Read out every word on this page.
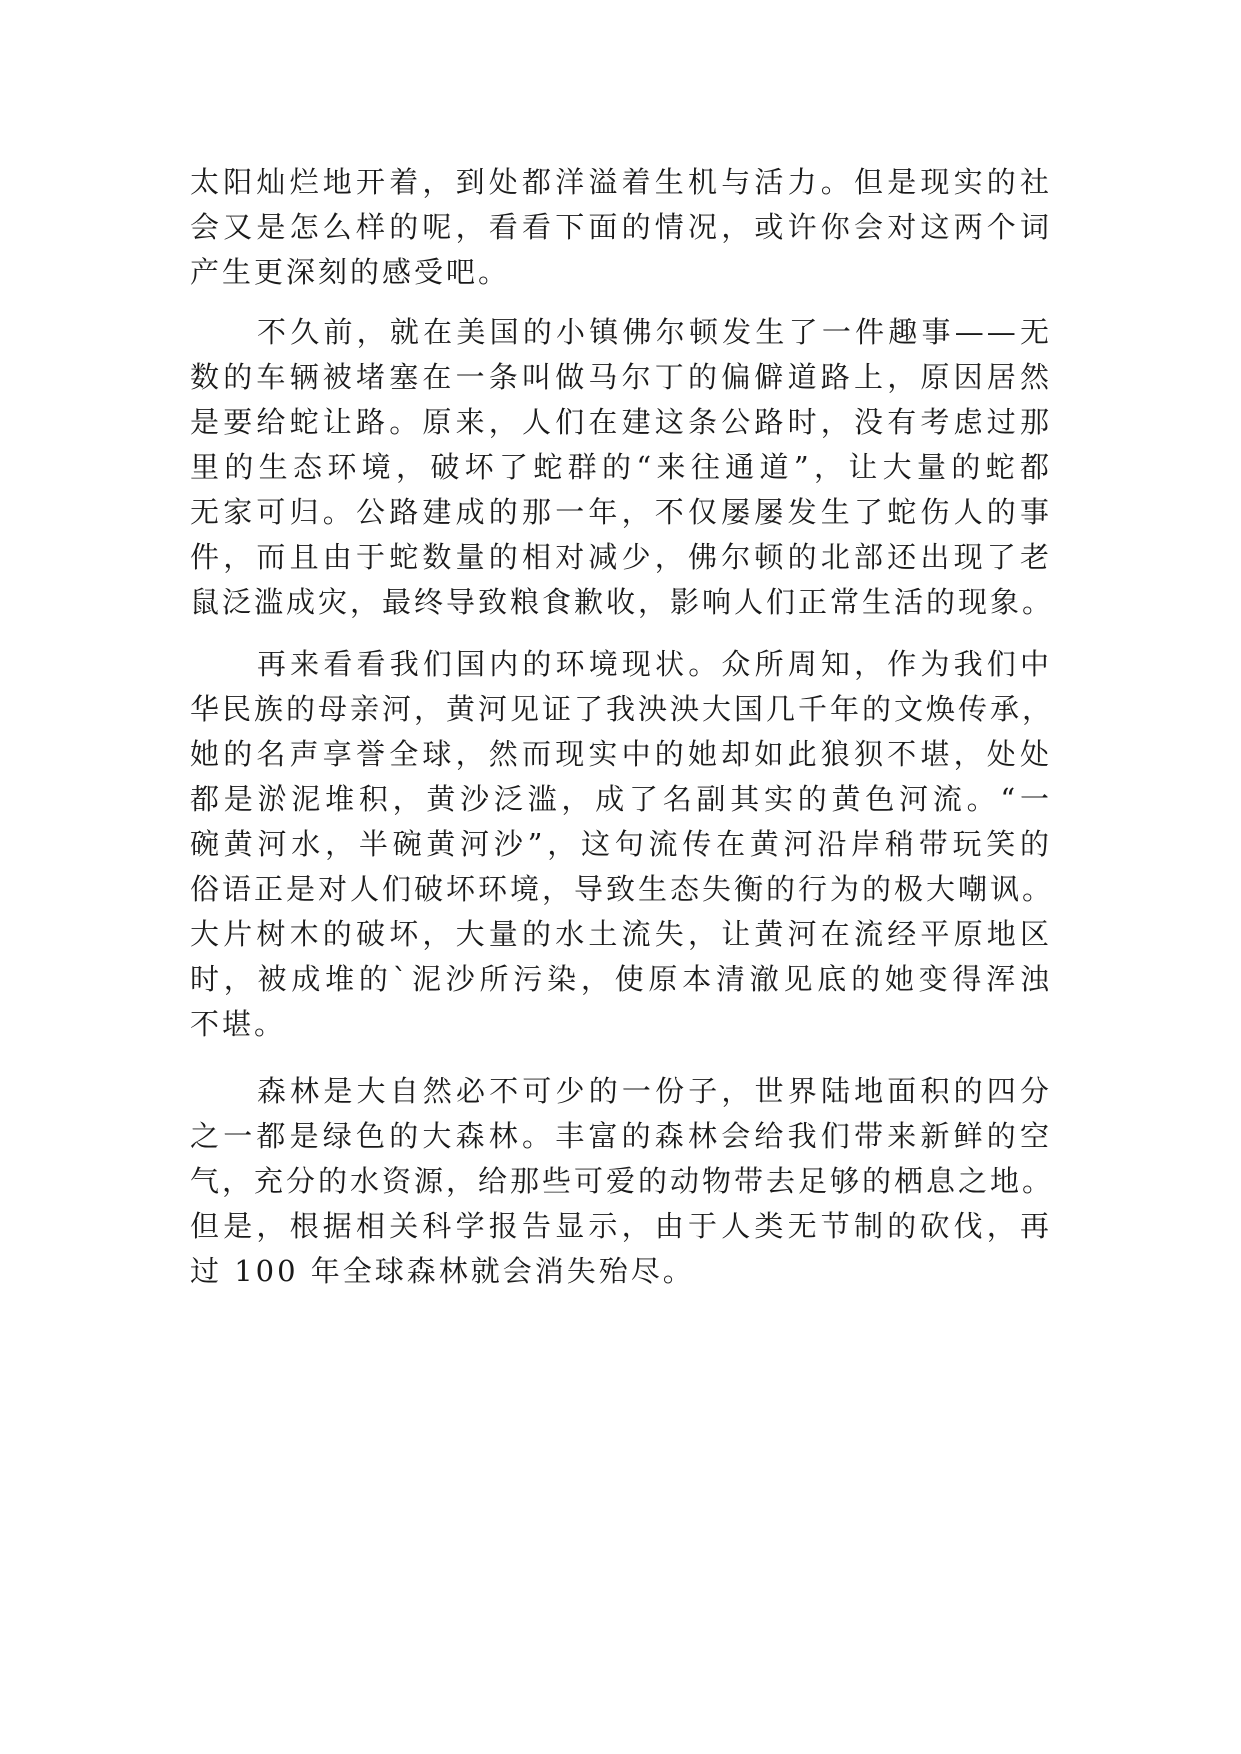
太阳灿烂地开着，到处都洋溢着生机与活力。但是现实的社
会又是怎么样的呢，看看下面的情况，或许你会对这两个词
产生更深刻的感受吧。
不久前，就在美国的小镇佛尔顿发生了一件趣事——无
数的车辆被堵塞在一条叫做马尔丁的偏僻道路上，原因居然
是要给蛇让路。原来，人们在建这条公路时，没有考虑过那
里的生态环境，破坏了蛇群的“来往通道”，让大量的蛇都
无家可归。公路建成的那一年，不仅屡屡发生了蛇伤人的事
件，而且由于蛇数量的相对减少，佛尔顿的北部还出现了老
鼠泛滥成灾，最终导致粮食歉收，影响人们正常生活的现象。
再来看看我们国内的环境现状。众所周知，作为我们中
华民族的母亲河，黄河见证了我泱泱大国几千年的文焕传承，
她的名声享誉全球，然而现实中的她却如此狼狈不堪，处处
都是淤泥堆积，黄沙泛滥，成了名副其实的黄色河流。“一
碗黄河水，半碗黄河沙”，这句流传在黄河沿岸稍带玩笑的
俗语正是对人们破坏环境，导致生态失衡的行为的极大嘲讽。
大片树木的破坏，大量的水土流失，让黄河在流经平原地区
时，被成堆的`泥沙所污染，使原本清澈见底的她变得浑浊
不堪。
森林是大自然必不可少的一份子，世界陆地面积的四分
之一都是绿色的大森林。丰富的森林会给我们带来新鲜的空
气，充分的水资源，给那些可爱的动物带去足够的栖息之地。
但是，根据相关科学报告显示，由于人类无节制的砍伐，再
过 100 年全球森林就会消失殆尽。
